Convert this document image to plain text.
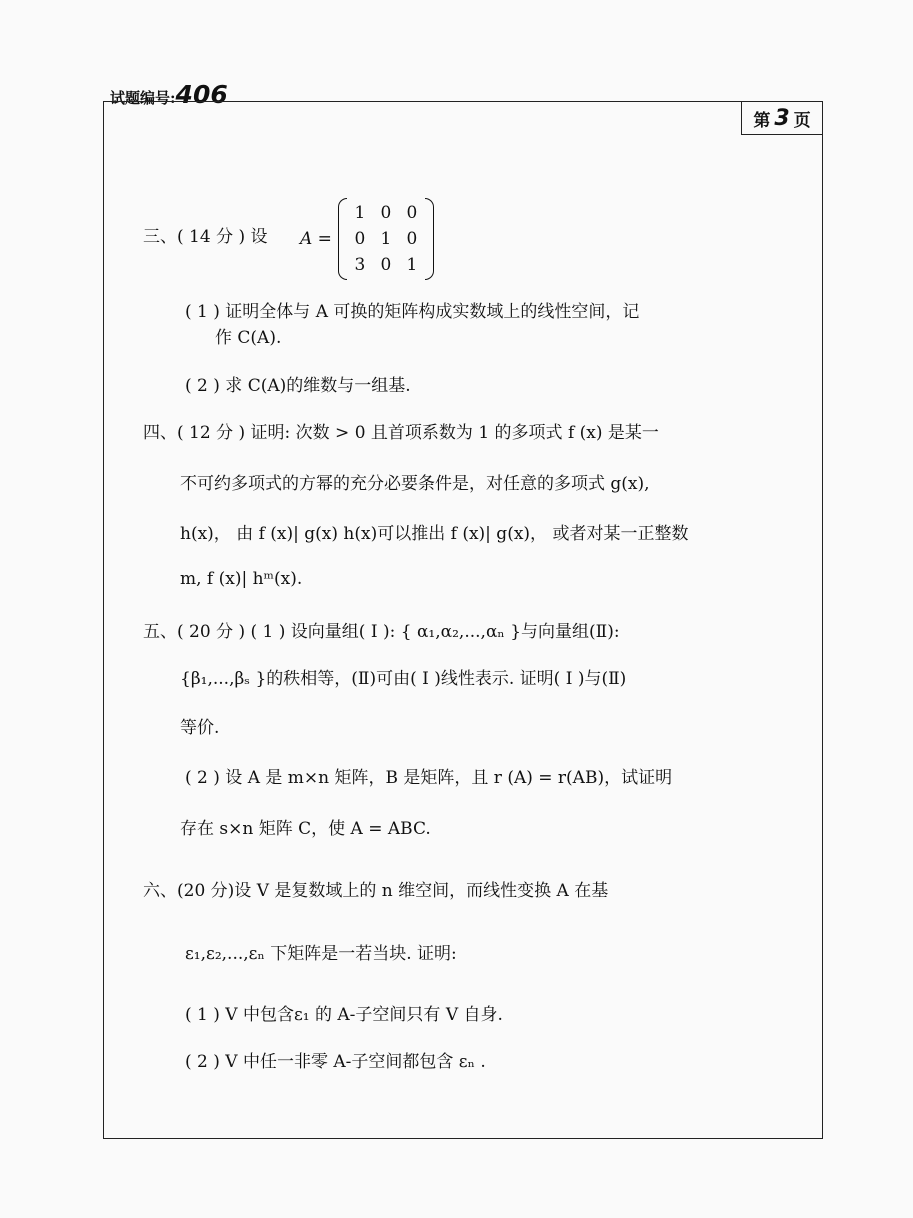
试题编号:406
第 3 页
三、( 14 分 ) 设 A =
1	0	0
0	1	0
3	0	1
( 1 ) 证明全体与 A 可换的矩阵构成实数域上的线性空间，记
作 C(A).
( 2 ) 求 C(A)的维数与一组基.
四、( 12 分 ) 证明: 次数 > 0 且首项系数为 1 的多项式 f (x) 是某一
不可约多项式的方幂的充分必要条件是，对任意的多项式 g(x),
h(x)， 由 f (x)| g(x) h(x)可以推出 f (x)| g(x)， 或者对某一正整数
m, f (x)| hᵐ(x).
五、( 20 分 ) ( 1 ) 设向量组( I ): { α₁,α₂,...,αₙ }与向量组(Ⅱ):
{β₁,...,βₛ }的秩相等，(Ⅱ)可由( I )线性表示. 证明( I )与(Ⅱ)
等价.
( 2 ) 设 A 是 m×n 矩阵，B 是矩阵，且 r (A) = r(AB)，试证明
存在 s×n 矩阵 C，使 A = ABC.
六、(20 分)设 V 是复数域上的 n 维空间，而线性变换 A 在基
ε₁,ε₂,...,εₙ 下矩阵是一若当块. 证明:
( 1 ) V 中包含ε₁ 的 A-子空间只有 V 自身.
( 2 ) V 中任一非零 A-子空间都包含 εₙ .
